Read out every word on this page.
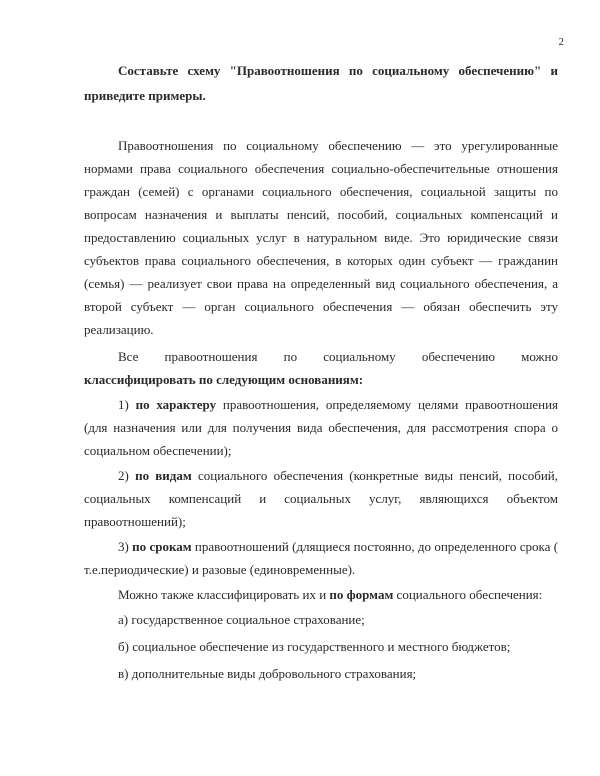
2

Составьте схему "Правоотношения по социальному обеспечению" и приведите примеры.

Правоотношения по социальному обеспечению — это урегулированные нормами права социального обеспечения социально-обеспечительные отношения граждан (семей) с органами социального обеспечения, социальной защиты по вопросам назначения и выплаты пенсий, пособий, социальных компенсаций и предоставлению социальных услуг в натуральном виде. Это юридические связи субъектов права социального обеспечения, в которых один субъект — гражданин (семья) — реализует свои права на определенный вид социального обеспечения, а второй субъект — орган социального обеспечения — обязан обеспечить эту реализацию.

Все правоотношения по социальному обеспечению можно классифицировать по следующим основаниям:

1) по характеру правоотношения, определяемому целями правоотношения (для назначения или для получения вида обеспечения, для рассмотрения спора о социальном обеспечении);

2) по видам социального обеспечения (конкретные виды пенсий, пособий, социальных компенсаций и социальных услуг, являющихся объектом правоотношений);

3) по срокам правоотношений (длящиеся постоянно, до определенного срока ( т.е.периодические) и разовые (единовременные).

Можно также классифицировать их и по формам социального обеспечения:

а) государственное социальное страхование;

б) социальное обеспечение из государственного и местного бюджетов;

в) дополнительные виды добровольного страхования;
